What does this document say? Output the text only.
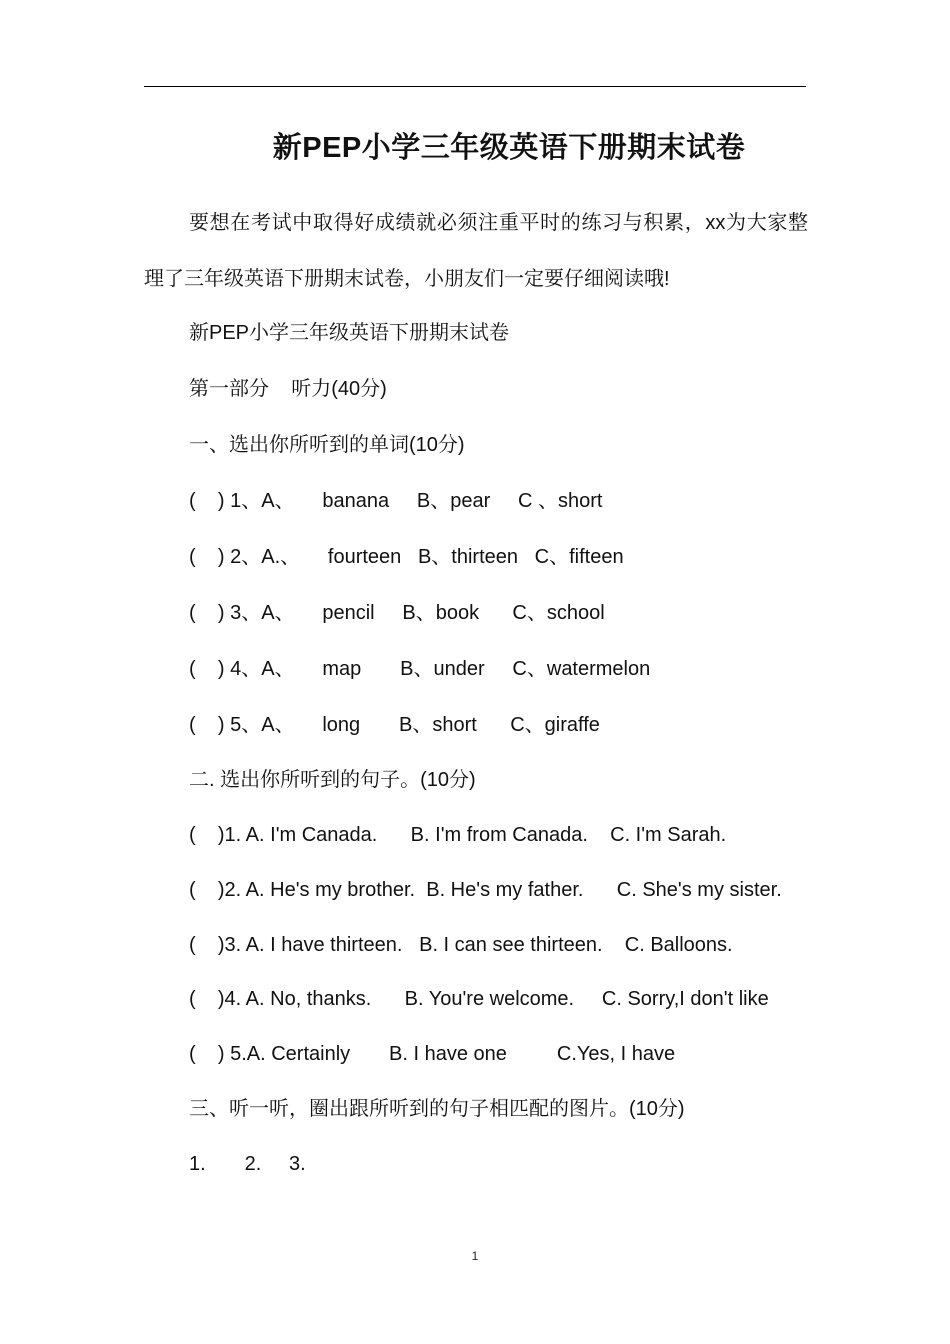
新PEP小学三年级英语下册期末试卷
要想在考试中取得好成绩就必须注重平时的练习与积累，xx为大家整理了三年级英语下册期末试卷，小朋友们一定要仔细阅读哦!
新PEP小学三年级英语下册期末试卷
第一部分    听力(40分)
一、选出你所听到的单词(10分)
(    ) 1、A、     banana     B、pear     C 、short
(    ) 2、A.、     fourteen   B、thirteen   C、fifteen
(    ) 3、A、     pencil     B、book      C、school
(    ) 4、A、     map       B、under     C、watermelon
(    ) 5、A、     long       B、short      C、giraffe
二. 选出你所听到的句子。(10分)
(    )1. A. I'm Canada.      B. I'm from Canada.    C. I'm Sarah.
(    )2. A. He's my brother.  B. He's my father.      C. She's my sister.
(    )3. A. I have thirteen.   B. I can see thirteen.    C. Balloons.
(    )4. A. No, thanks.      B. You're welcome.     C. Sorry,I don't like
(    ) 5.A. Certainly       B. I have one         C.Yes, I have
三、听一听，圈出跟所听到的句子相匹配的图片。(10分)
1.       2.     3.
1
